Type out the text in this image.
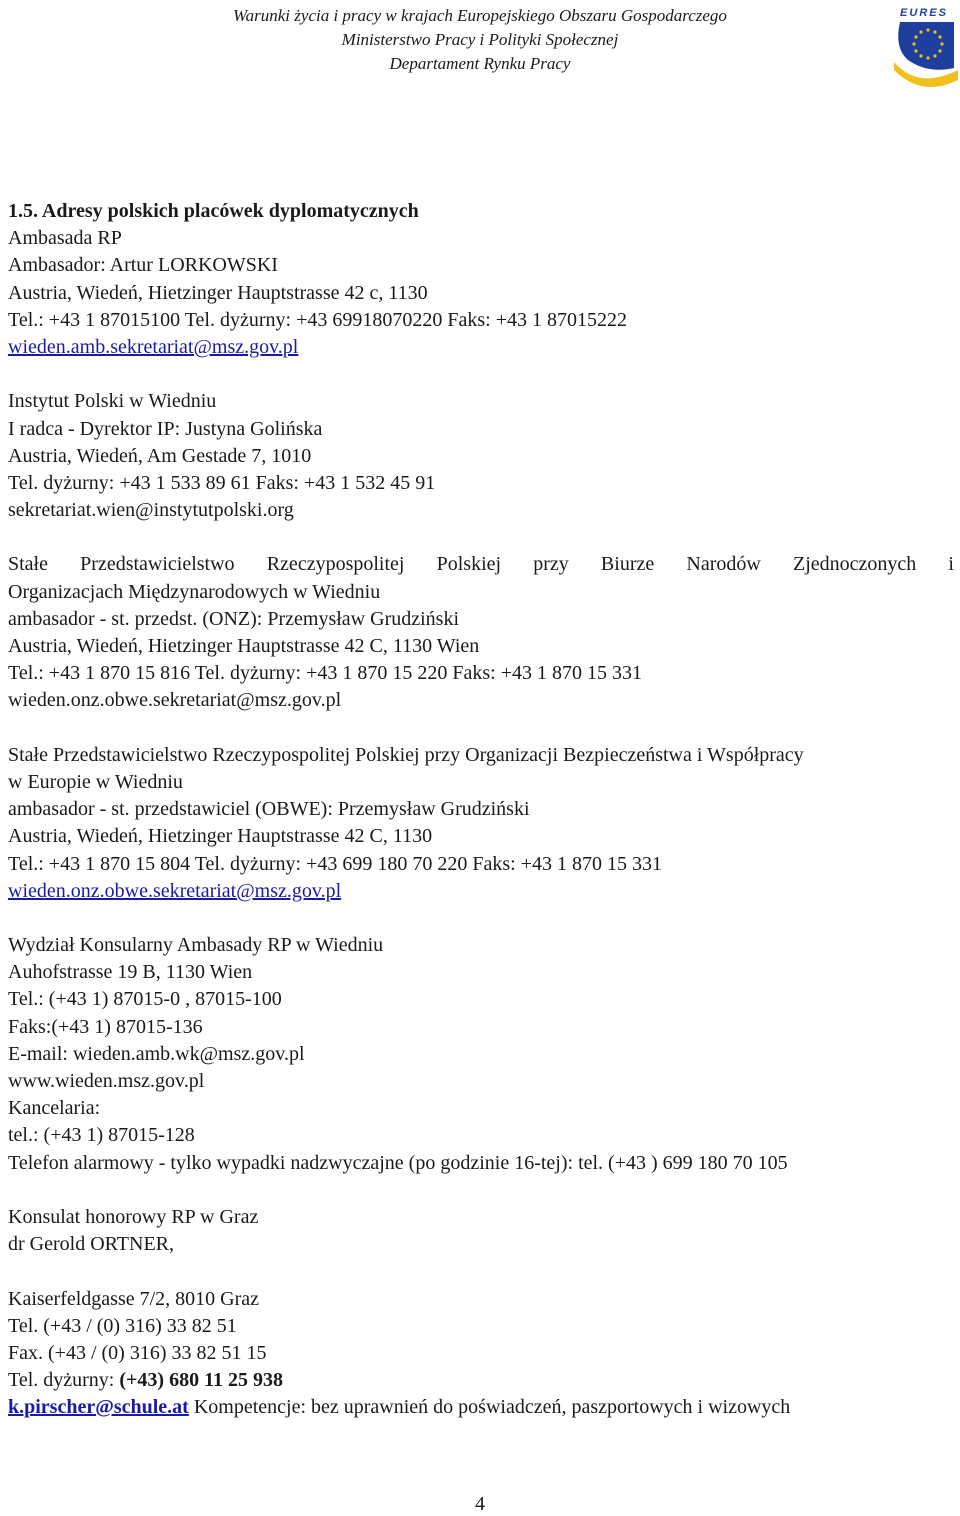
Warunki życia i pracy w krajach Europejskiego Obszaru Gospodarczego
Ministerstwo Pracy i Polityki Społecznej
Departament Rynku Pracy
EURES
1.5. Adresy polskich placówek dyplomatycznych
Ambasada RP
Ambasador: Artur LORKOWSKI
Austria, Wiedeń, Hietzinger Hauptstrasse 42 c, 1130
Tel.: +43 1 87015100 Tel. dyżurny: +43 69918070220 Faks: +43 1 87015222
wieden.amb.sekretariat@msz.gov.pl
Instytut Polski w Wiedniu
I radca - Dyrektor IP: Justyna Golińska
Austria, Wiedeń, Am Gestade 7, 1010
Tel. dyżurny: +43 1 533 89 61 Faks: +43 1 532 45 91
sekretariat.wien@instytutpolski.org
Stałe Przedstawicielstwo Rzeczypospolitej Polskiej przy Biurze Narodów Zjednoczonych i
Organizacjach Międzynarodowych w Wiedniu
ambasador - st. przedst. (ONZ): Przemysław Grudziński
Austria, Wiedeń, Hietzinger Hauptstrasse 42 C, 1130 Wien
Tel.: +43 1 870 15 816 Tel. dyżurny: +43 1 870 15 220 Faks: +43 1 870 15 331
wieden.onz.obwe.sekretariat@msz.gov.pl
Stałe Przedstawicielstwo Rzeczypospolitej Polskiej przy Organizacji Bezpieczeństwa i Współpracy
w Europie w Wiedniu
ambasador - st. przedstawiciel (OBWE): Przemysław Grudziński
Austria, Wiedeń, Hietzinger Hauptstrasse 42 C, 1130
Tel.: +43 1 870 15 804 Tel. dyżurny: +43 699 180 70 220 Faks: +43 1 870 15 331
wieden.onz.obwe.sekretariat@msz.gov.pl
Wydział Konsularny Ambasady RP w Wiedniu
Auhofstrasse 19 B, 1130 Wien
Tel.: (+43 1) 87015-0 , 87015-100
Faks:(+43 1) 87015-136
E-mail: wieden.amb.wk@msz.gov.pl
www.wieden.msz.gov.pl
Kancelaria:
tel.: (+43 1) 87015-128
Telefon alarmowy - tylko wypadki nadzwyczajne (po godzinie 16-tej): tel. (+43 ) 699 180 70 105
Konsulat honorowy RP w Graz
dr Gerold ORTNER,
Kaiserfeldgasse 7/2, 8010 Graz
Tel. (+43 / (0) 316) 33 82 51
Fax. (+43 / (0) 316) 33 82 51 15
Tel. dyżurny: (+43) 680 11 25 938
k.pirscher@schule.at Kompetencje: bez uprawnień do poświadczeń, paszportowych i wizowych
4
